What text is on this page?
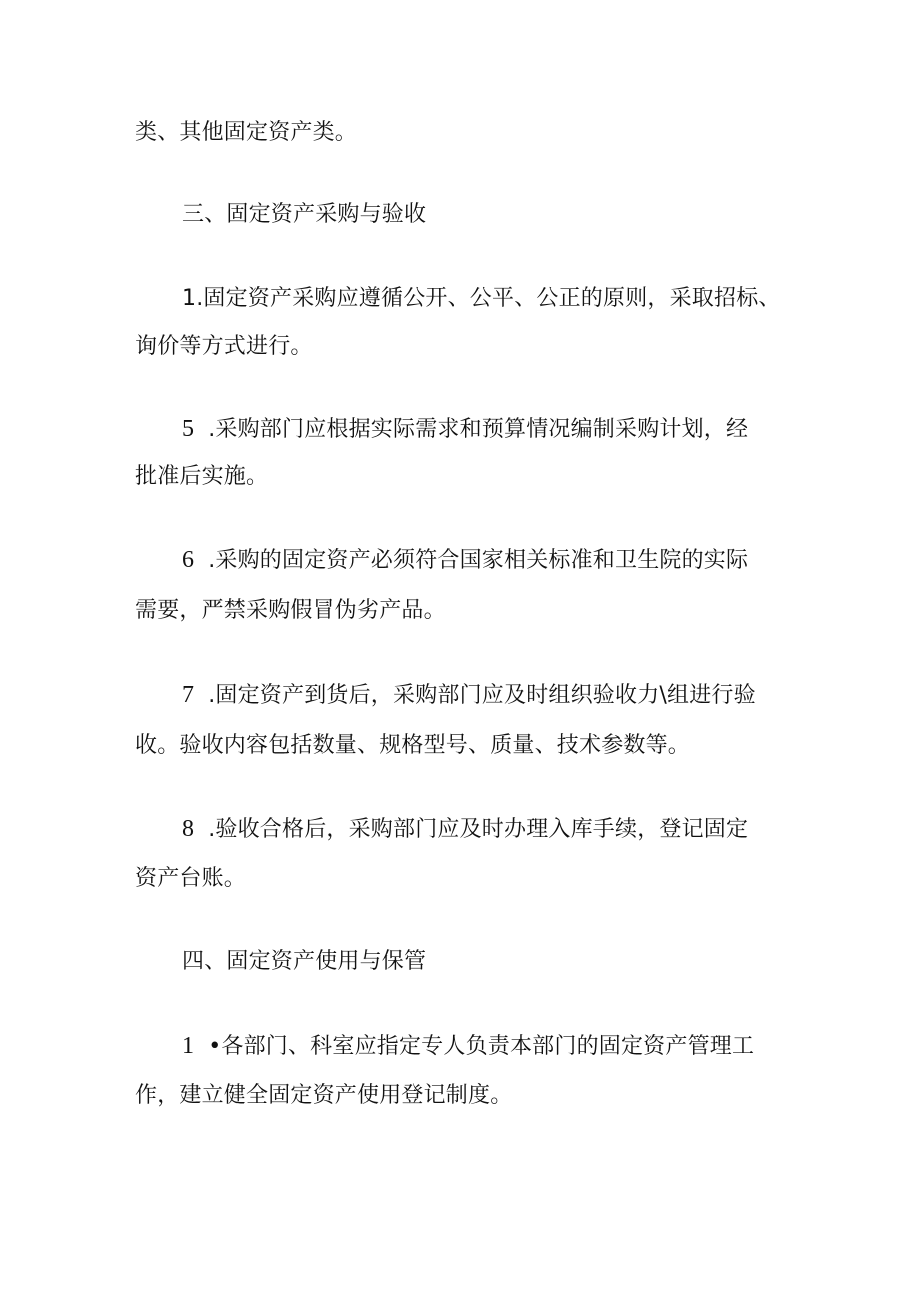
类、其他固定资产类。
三、固定资产采购与验收
1.固定资产采购应遵循公开、公平、公正的原则，采取招标、
询价等方式进行。
5 .采购部门应根据实际需求和预算情况编制采购计划，经
批准后实施。
6 .采购的固定资产必须符合国家相关标准和卫生院的实际
需要，严禁采购假冒伪劣产品。
7 .固定资产到货后，采购部门应及时组织验收力\组进行验
收。验收内容包括数量、规格型号、质量、技术参数等。
8 .验收合格后，采购部门应及时办理入库手续，登记固定
资产台账。
四、固定资产使用与保管
1 •各部门、科室应指定专人负责本部门的固定资产管理工
作，建立健全固定资产使用登记制度。
